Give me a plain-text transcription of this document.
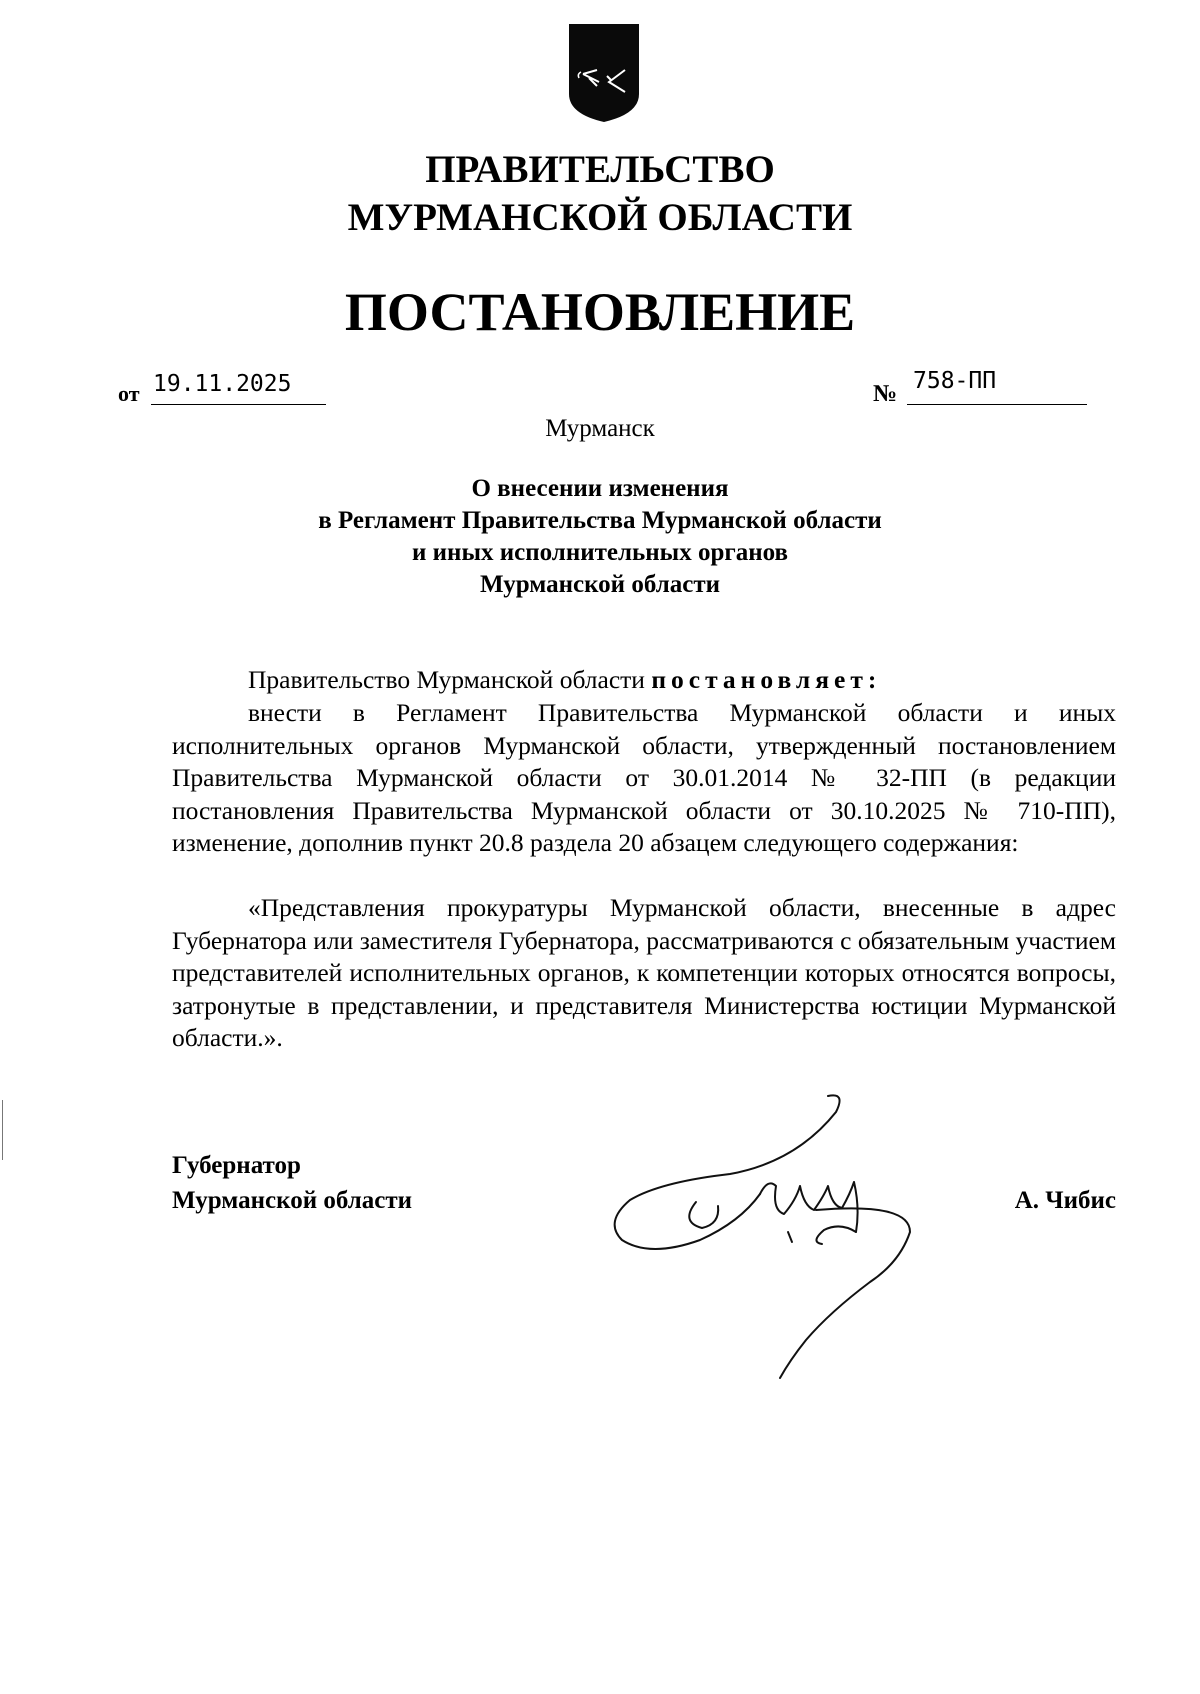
ПРАВИТЕЛЬСТВО
МУРМАНСКОЙ ОБЛАСТИ
ПОСТАНОВЛЕНИЕ
от 19.11.2025	№ 758-ПП
Мурманск
О внесении изменения
в Регламент Правительства Мурманской области
и иных исполнительных органов
Мурманской области
Правительство Мурманской области постановляет:
внести в Регламент Правительства Мурманской области и иных исполнительных органов Мурманской области, утвержденный постановлением Правительства Мурманской области от 30.01.2014 № 32-ПП (в редакции постановления Правительства Мурманской области от 30.10.2025 № 710-ПП), изменение, дополнив пункт 20.8 раздела 20 абзацем следующего содержания:
«Представления прокуратуры Мурманской области, внесенные в адрес Губернатора или заместителя Губернатора, рассматриваются с обязательным участием представителей исполнительных органов, к компетенции которых относятся вопросы, затронутые в представлении, и представителя Министерства юстиции Мурманской области.».
Губернатор
Мурманской области	А. Чибис
